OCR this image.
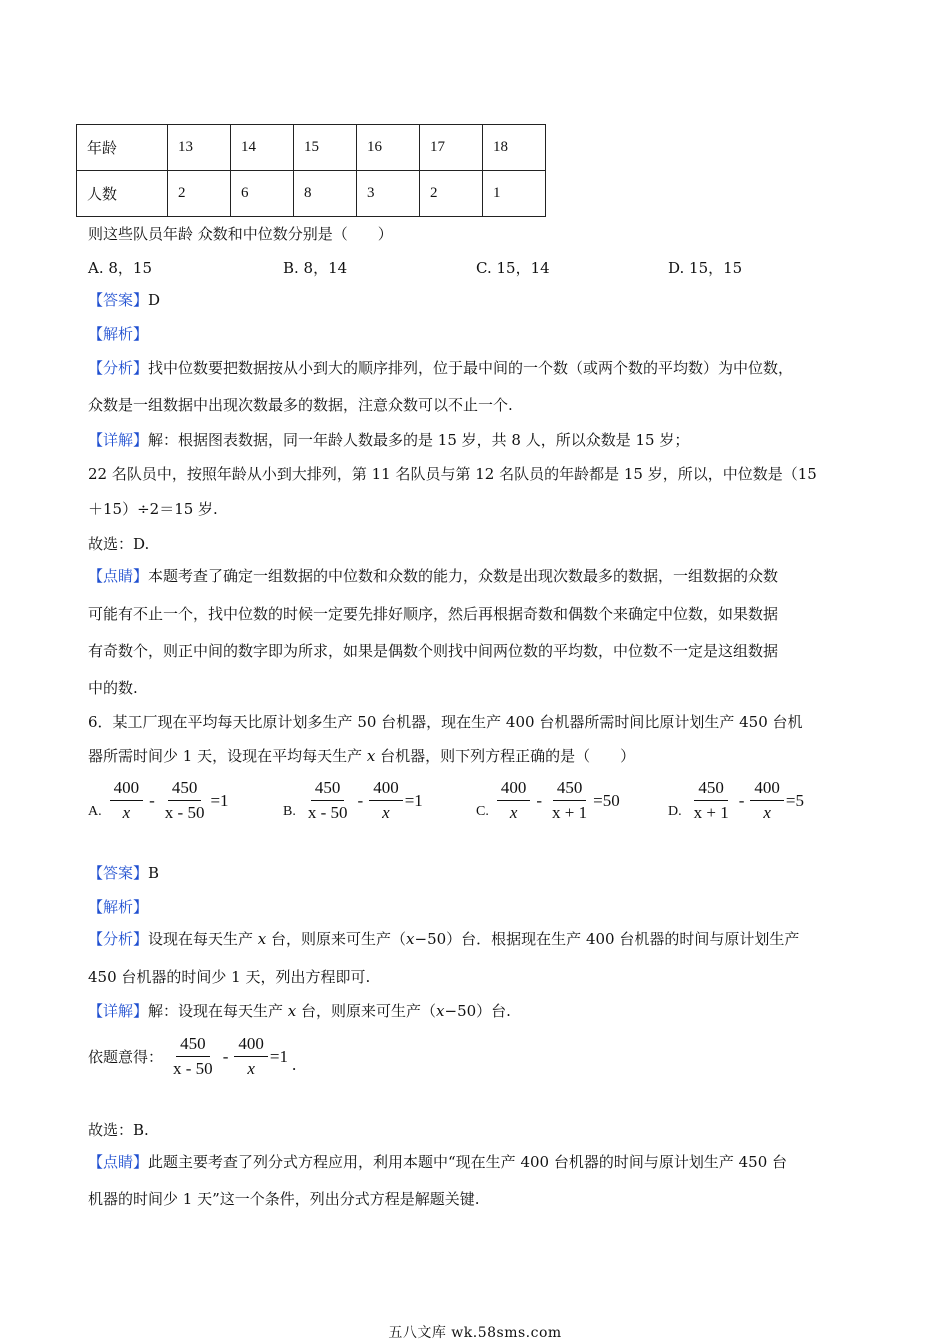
年龄	13	14	15	16	17	18
人数	2	6	8	3	2	1
则这些队员年龄 众数和中位数分别是（　　）
A. 8，15	B. 8，14	C. 15，14	D. 15，15
【答案】D
【解析】
【分析】找中位数要把数据按从小到大的顺序排列，位于最中间的一个数（或两个数的平均数）为中位数，
众数是一组数据中出现次数最多的数据，注意众数可以不止一个.
【详解】解：根据图表数据，同一年龄人数最多的是 15 岁，共 8 人，所以众数是 15 岁；
22 名队员中，按照年龄从小到大排列，第 11 名队员与第 12 名队员的年龄都是 15 岁，所以，中位数是（15
＋15）÷2＝15 岁.
故选：D.
【点睛】本题考查了确定一组数据的中位数和众数的能力，众数是出现次数最多的数据，一组数据的众数
可能有不止一个，找中位数的时候一定要先排好顺序，然后再根据奇数和偶数个来确定中位数，如果数据
有奇数个，则正中间的数字即为所求，如果是偶数个则找中间两位数的平均数，中位数不一定是这组数据
中的数.
6．某工厂现在平均每天比原计划多生产 50 台机器，现在生产 400 台机器所需时间比原计划生产 450 台机
器所需时间少 1 天，设现在平均每天生产 x 台机器，则下列方程正确的是（　　）
A. $\frac{400}{x} - \frac{450}{x - 50} =1$
B. $\frac{450}{x - 50} - \frac{400}{x} =1$
C. $\frac{400}{x} - \frac{450}{x + 1} =50$
D. $\frac{450}{x + 1} - \frac{400}{x} =5$
【答案】B
【解析】
【分析】设现在每天生产 x 台，则原来可生产（x−50）台．根据现在生产 400 台机器的时间与原计划生产
450 台机器的时间少 1 天，列出方程即可.
【详解】解：设现在每天生产 x 台，则原来可生产（x−50）台.
依题意得： $\frac{450}{x - 50} - \frac{400}{x} =1$ .
故选：B.
【点睛】此题主要考查了列分式方程应用，利用本题中“现在生产 400 台机器的时间与原计划生产 450 台
机器的时间少 1 天”这一个条件，列出分式方程是解题关键.
五八文库 wk.58sms.com
